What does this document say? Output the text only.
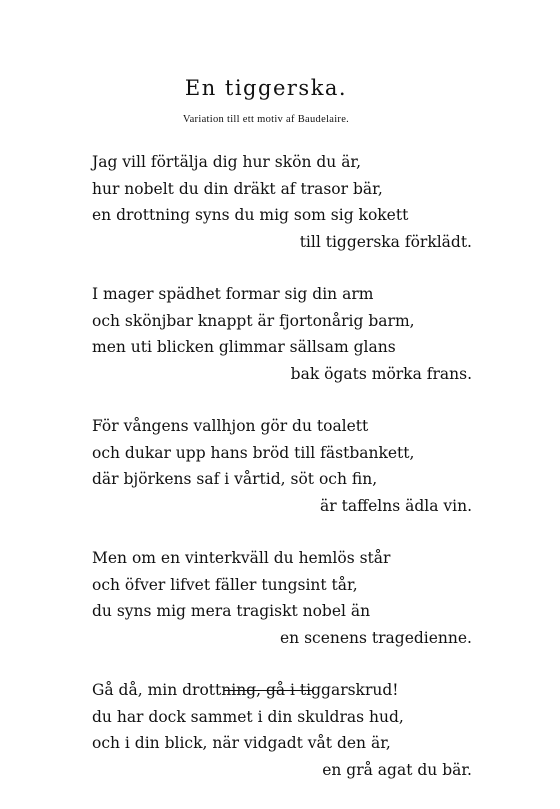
En tiggerska.

Variation till ett motiv af Baudelaire.

Jag vill förtälja dig hur skön du är,
hur nobelt du din dräkt af trasor bär,
en drottning syns du mig som sig kokett
till tiggerska förklädt.
I mager spädhet formar sig din arm
och skönjbar knappt är fjortonårig barm,
men uti blicken glimmar sällsam glans
bak ögats mörka frans.
För vångens vallhjon gör du toalett
och dukar upp hans bröd till fästbankett,
där björkens saf i vårtid, söt och fin,
är taffelns ädla vin.
Men om en vinterkväll du hemlös står
och öfver lifvet fäller tungsint tår,
du syns mig mera tragiskt nobel än
en scenens tragedienne.
Gå då, min drottning, gå i tiggarskrud!
du har dock sammet i din skuldras hud,
och i din blick, när vidgadt våt den är,
en grå agat du bär.
